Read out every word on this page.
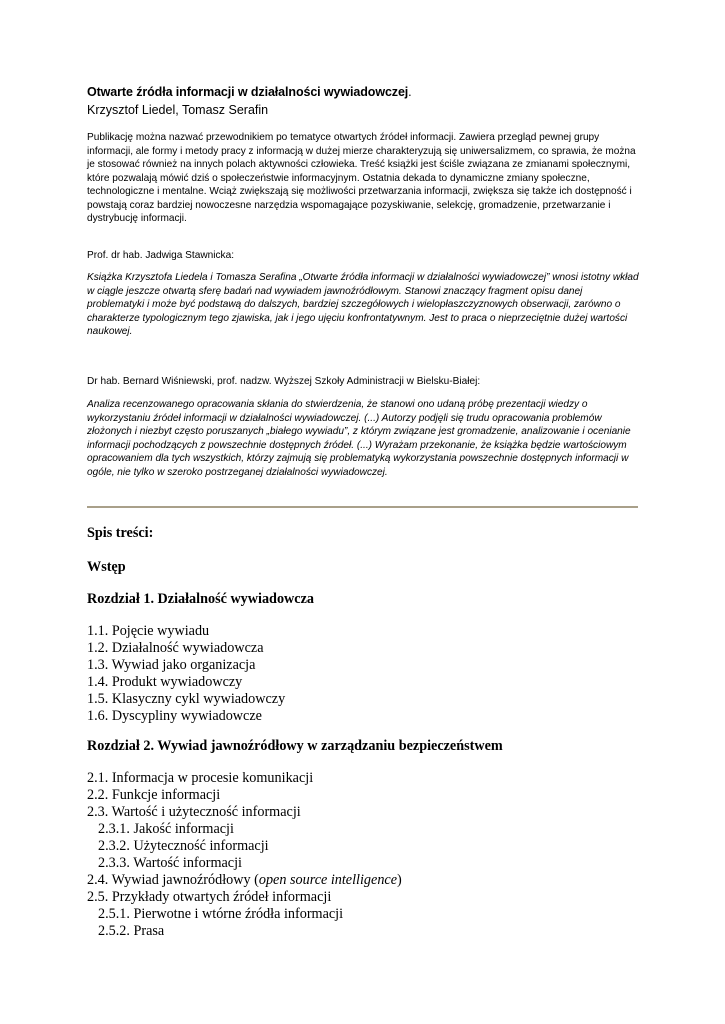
Otwarte źródła informacji w działalności wywiadowczej.
Krzysztof Liedel, Tomasz Serafin

Publikację można nazwać przewodnikiem po tematyce otwartych źródeł informacji. Zawiera przegląd pewnej grupy informacji, ale formy i metody pracy z informacją w dużej mierze charakteryzują się uniwersalizmem, co sprawia, że można je stosować również na innych polach aktywności człowieka. Treść książki jest ściśle związana ze zmianami społecznymi, które pozwalają mówić dziś o społeczeństwie informacyjnym. Ostatnia dekada to dynamiczne zmiany społeczne, technologiczne i mentalne. Wciąż zwiększają się możliwości przetwarzania informacji, zwiększa się także ich dostępność i powstają coraz bardziej nowoczesne narzędzia wspomagające pozyskiwanie, selekcję, gromadzenie, przetwarzanie i dystrybucję informacji.

Prof. dr hab. Jadwiga Stawnicka:

Książka Krzysztofa Liedela i Tomasza Serafina „Otwarte źródła informacji w działalności wywiadowczej” wnosi istotny wkład w ciągle jeszcze otwartą sferę badań nad wywiadem jawnoźródłowym. Stanowi znaczący fragment opisu danej problematyki i może być podstawą do dalszych, bardziej szczegółowych i wielopłaszczyznowych obserwacji, zarówno o charakterze typologicznym tego zjawiska, jak i jego ujęciu konfrontatywnym. Jest to praca o nieprzeciętnie dużej wartości naukowej.

Dr hab. Bernard Wiśniewski, prof. nadzw. Wyższej Szkoły Administracji w Bielsku-Białej:

Analiza recenzowanego opracowania skłania do stwierdzenia, że stanowi ono udaną próbę prezentacji wiedzy o wykorzystaniu źródeł informacji w działalności wywiadowczej. (...) Autorzy podjęli się trudu opracowania problemów złożonych i niezbyt często poruszanych „białego wywiadu”, z którym związane jest gromadzenie, analizowanie i ocenianie informacji pochodzących z powszechnie dostępnych źródeł. (...) Wyrażam przekonanie, że książka będzie wartościowym opracowaniem dla tych wszystkich, którzy zajmują się problematyką wykorzystania powszechnie dostępnych informacji w ogóle, nie tylko w szeroko postrzeganej działalności wywiadowczej.

Spis treści:
Wstęp
Rozdział 1. Działalność wywiadowcza
1.1. Pojęcie wywiadu
1.2. Działalność wywiadowcza
1.3. Wywiad jako organizacja
1.4. Produkt wywiadowczy
1.5. Klasyczny cykl wywiadowczy
1.6. Dyscypliny wywiadowcze
Rozdział 2. Wywiad jawnoźródłowy w zarządzaniu bezpieczeństwem
2.1. Informacja w procesie komunikacji
2.2. Funkcje informacji
2.3. Wartość i użyteczność informacji
2.3.1. Jakość informacji
2.3.2. Użyteczność informacji
2.3.3. Wartość informacji
2.4. Wywiad jawnoźródłowy (open source intelligence)
2.5. Przykłady otwartych źródeł informacji
2.5.1. Pierwotne i wtórne źródła informacji
2.5.2. Prasa
